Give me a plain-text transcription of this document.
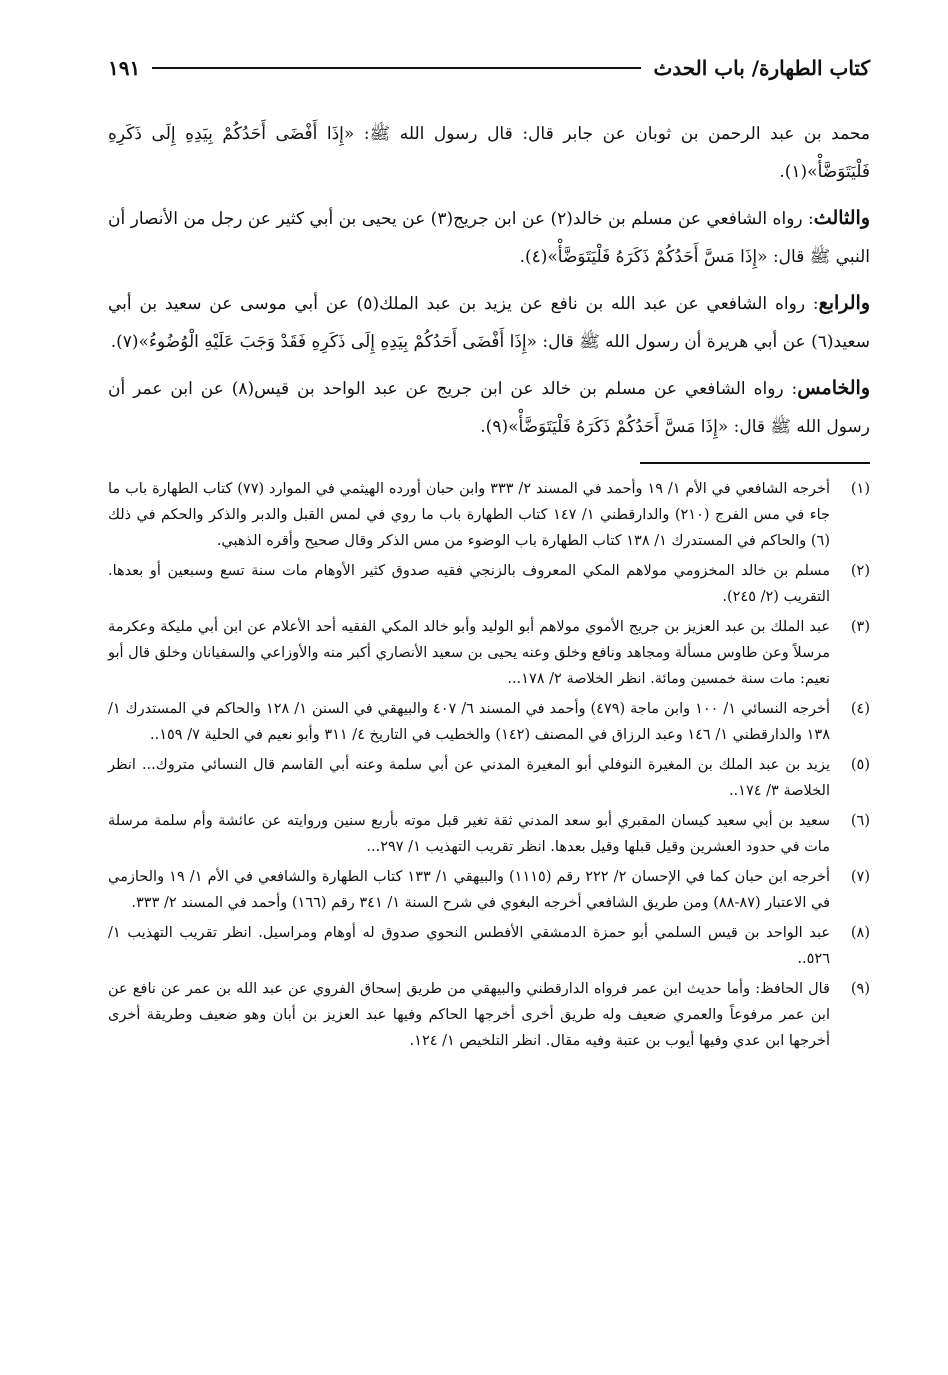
كتاب الطهارة/ باب الحدث
١٩١

محمد بن عبد الرحمن بن ثوبان عن جابر قال: قال رسول الله ﷺ: «إِذَا أَفْضَى أَحَدُكُمْ بِيَدِهِ إِلَى ذَكَرِهِ فَلْيَتَوَضَّأْ»(١).

والثالث: رواه الشافعي عن مسلم بن خالد(٢) عن ابن جريج(٣) عن يحيى بن أبي كثير عن رجل من الأنصار أن النبي ﷺ قال: «إِذَا مَسَّ أَحَدُكُمْ ذَكَرَهُ فَلْيَتَوَضَّأْ»(٤).

والرابع: رواه الشافعي عن عبد الله بن نافع عن يزيد بن عبد الملك(٥) عن أبي موسى عن سعيد بن أبي سعيد(٦) عن أبي هريرة أن رسول الله ﷺ قال: «إِذَا أَفْضَى أَحَدُكُمْ بِيَدِهِ إِلَى ذَكَرِهِ فَقَدْ وَجَبَ عَلَيْهِ الْوُضُوءُ»(٧).

والخامس: رواه الشافعي عن مسلم بن خالد عن ابن جريج عن عبد الواحد بن قيس(٨) عن ابن عمر أن رسول الله ﷺ قال: «إِذَا مَسَّ أَحَدُكُمْ ذَكَرَهُ فَلْيَتَوَضَّأْ»(٩).

(١)
أخرجه الشافعي في الأم ١/ ١٩ وأحمد في المسند ٢/ ٣٣٣ وابن حبان أورده الهيثمي في الموارد (٧٧) كتاب الطهارة باب ما جاء في مس الفرج (٢١٠) والدارقطني ١/ ١٤٧ كتاب الطهارة باب ما روي في لمس القبل والدبر والذكر والحكم في ذلك (٦) والحاكم في المستدرك ١/ ١٣٨ كتاب الطهارة باب الوضوء من مس الذكر وقال صحيح وأقره الذهبي.
(٢)
مسلم بن خالد المخزومي مولاهم المكي المعروف بالزنجي فقيه صدوق كثير الأوهام مات سنة تسع وسبعين أو بعدها. التقريب (٢/ ٢٤٥).
(٣)
عبد الملك بن عبد العزيز بن جريج الأموي مولاهم أبو الوليد وأبو خالد المكي الفقيه أحد الأعلام عن ابن أبي مليكة وعكرمة مرسلاً وعن طاوس مسألة ومجاهد ونافع وخلق وعنه يحيى بن سعيد الأنصاري أكبر منه والأوزاعي والسفيانان وخلق قال أبو نعيم: مات سنة خمسين ومائة. انظر الخلاصة ٢/ ١٧٨...
(٤)
أخرجه النسائي ١/ ١٠٠ وابن ماجة (٤٧٩) وأحمد في المسند ٦/ ٤٠٧ والبيهقي في السنن ١/ ١٢٨ والحاكم في المستدرك ١/ ١٣٨ والدارقطني ١/ ١٤٦ وعبد الرزاق في المصنف (١٤٢) والخطيب في التاريخ ٤/ ٣١١ وأبو نعيم في الحلية ٧/ ١٥٩..
(٥)
يزيد بن عبد الملك بن المغيرة النوفلي أبو المغيرة المدني عن أبي سلمة وعنه أبي القاسم قال النسائي متروك... انظر الخلاصة ٣/ ١٧٤..
(٦)
سعيد بن أبي سعيد كيسان المقبري أبو سعد المدني ثقة تغير قبل موته بأربع سنين وروايته عن عائشة وأم سلمة مرسلة مات في حدود العشرين وقيل قبلها وقيل بعدها. انظر تقريب التهذيب ١/ ٢٩٧...
(٧)
أخرجه ابن حبان كما في الإحسان ٢/ ٢٢٢ رقم (١١١٥) والبيهقي ١/ ١٣٣ كتاب الطهارة والشافعي في الأم ١/ ١٩ والحازمي في الاعتبار (٨٧-٨٨) ومن طريق الشافعي أخرجه البغوي في شرح السنة ١/ ٣٤١ رقم (١٦٦) وأحمد في المسند ٢/ ٣٣٣.
(٨)
عبد الواحد بن قيس السلمي أبو حمزة الدمشقي الأفطس النحوي صدوق له أوهام ومراسيل. انظر تقريب التهذيب ١/ ٥٢٦..
(٩)
قال الحافظ: وأما حديث ابن عمر فرواه الدارقطني والبيهقي من طريق إسحاق الفروي عن عبد الله بن عمر عن نافع عن ابن عمر مرفوعاً والعمري ضعيف وله طريق أخرى أخرجها الحاكم وفيها عبد العزيز بن أبان وهو ضعيف وطريقة أخرى أخرجها ابن عدي وفيها أيوب بن عتبة وفيه مقال. انظر التلخيص ١/ ١٢٤.
